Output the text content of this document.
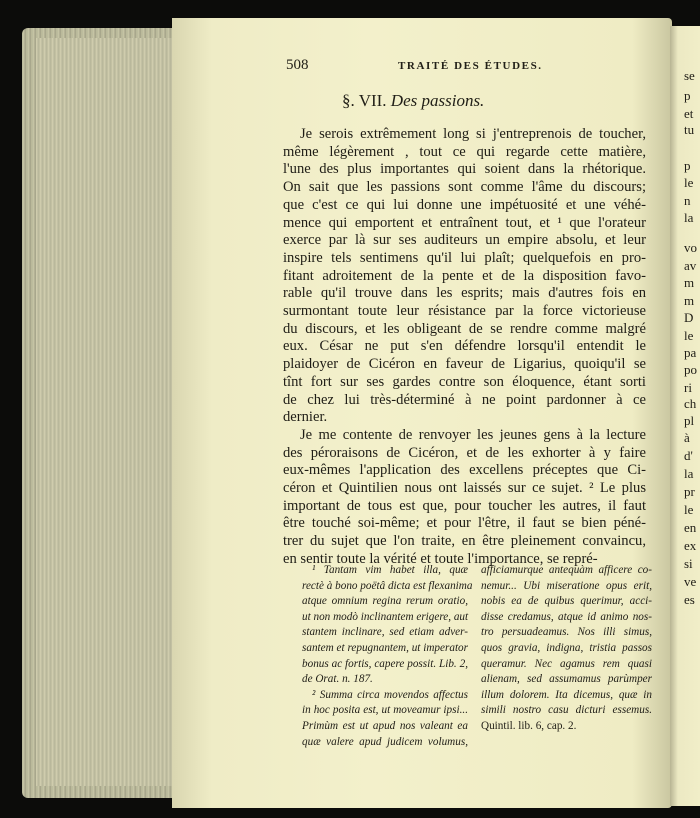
508	TRAITÉ DES ÉTUDES.
§. VII. Des passions.
Je serois extrêmement long si j'entreprenois de toucher,
même légèrement , tout ce qui regarde cette matière,
l'une des plus importantes qui soient dans la rhétorique.
On sait que les passions sont comme l'âme du discours;
que c'est ce qui lui donne une impétuosité et une véhé-
mence qui emportent et entraînent tout, et ¹ que l'orateur
exerce par là sur ses auditeurs un empire absolu, et leur
inspire tels sentimens qu'il lui plaît; quelquefois en pro-
fitant adroitement de la pente et de la disposition favo-
rable qu'il trouve dans les esprits; mais d'autres fois en
surmontant toute leur résistance par la force victorieuse
du discours, et les obligeant de se rendre comme malgré
eux. César ne put s'en défendre lorsqu'il entendit le
plaidoyer de Cicéron en faveur de Ligarius, quoiqu'il se
tînt fort sur ses gardes contre son éloquence, étant sorti
de chez lui très-déterminé à ne point pardonner à ce
dernier.
Je me contente de renvoyer les jeunes gens à la lecture
des péroraisons de Cicéron, et de les exhorter à y faire
eux-mêmes l'application des excellens préceptes que Ci-
céron et Quintilien nous ont laissés sur ce sujet. ² Le plus
important de tous est que, pour toucher les autres, il faut
être touché soi-même; et pour l'être, il faut se bien péné-
trer du sujet que l'on traite, en être pleinement convaincu,
en sentir toute la vérité et toute l'importance, se repré-
¹ Tantam vim habet illa, quæ
rectè à bono poëtâ dicta est flexanima
atque omnium regina rerum oratio,
ut non modò inclinantem erigere, aut
stantem inclinare, sed etiam adver-
santem et repugnantem, ut imperator
bonus ac fortis, capere possit. Lib. 2,
de Orat. n. 187.
² Summa circa movendos affectus
in hoc posita est, ut moveamur ipsi...
Primùm est ut apud nos valeant ea
quæ valere apud judicem volumus,
afficiamurque antequàm afficere co-
nemur... Ubi miseratione opus erit,
nobis ea de quibus querimur, acci-
disse credamus, atque id animo nos-
tro persuadeamus. Nos illi simus,
quos gravia, indigna, tristia passos
queramur. Nec agamus rem quasi
alienam, sed assumamus parùmper
illum dolorem. Ita dicemus, quæ in
simili nostro casu dicturi essemus.
Quintil. lib. 6, cap. 2.
se
p
et
tu
p
le
n
la
vo
av
m
m
D
le
pa
po
ri
ch
pl
à
d'
la
pr
le
en
ex
si
ve
es
